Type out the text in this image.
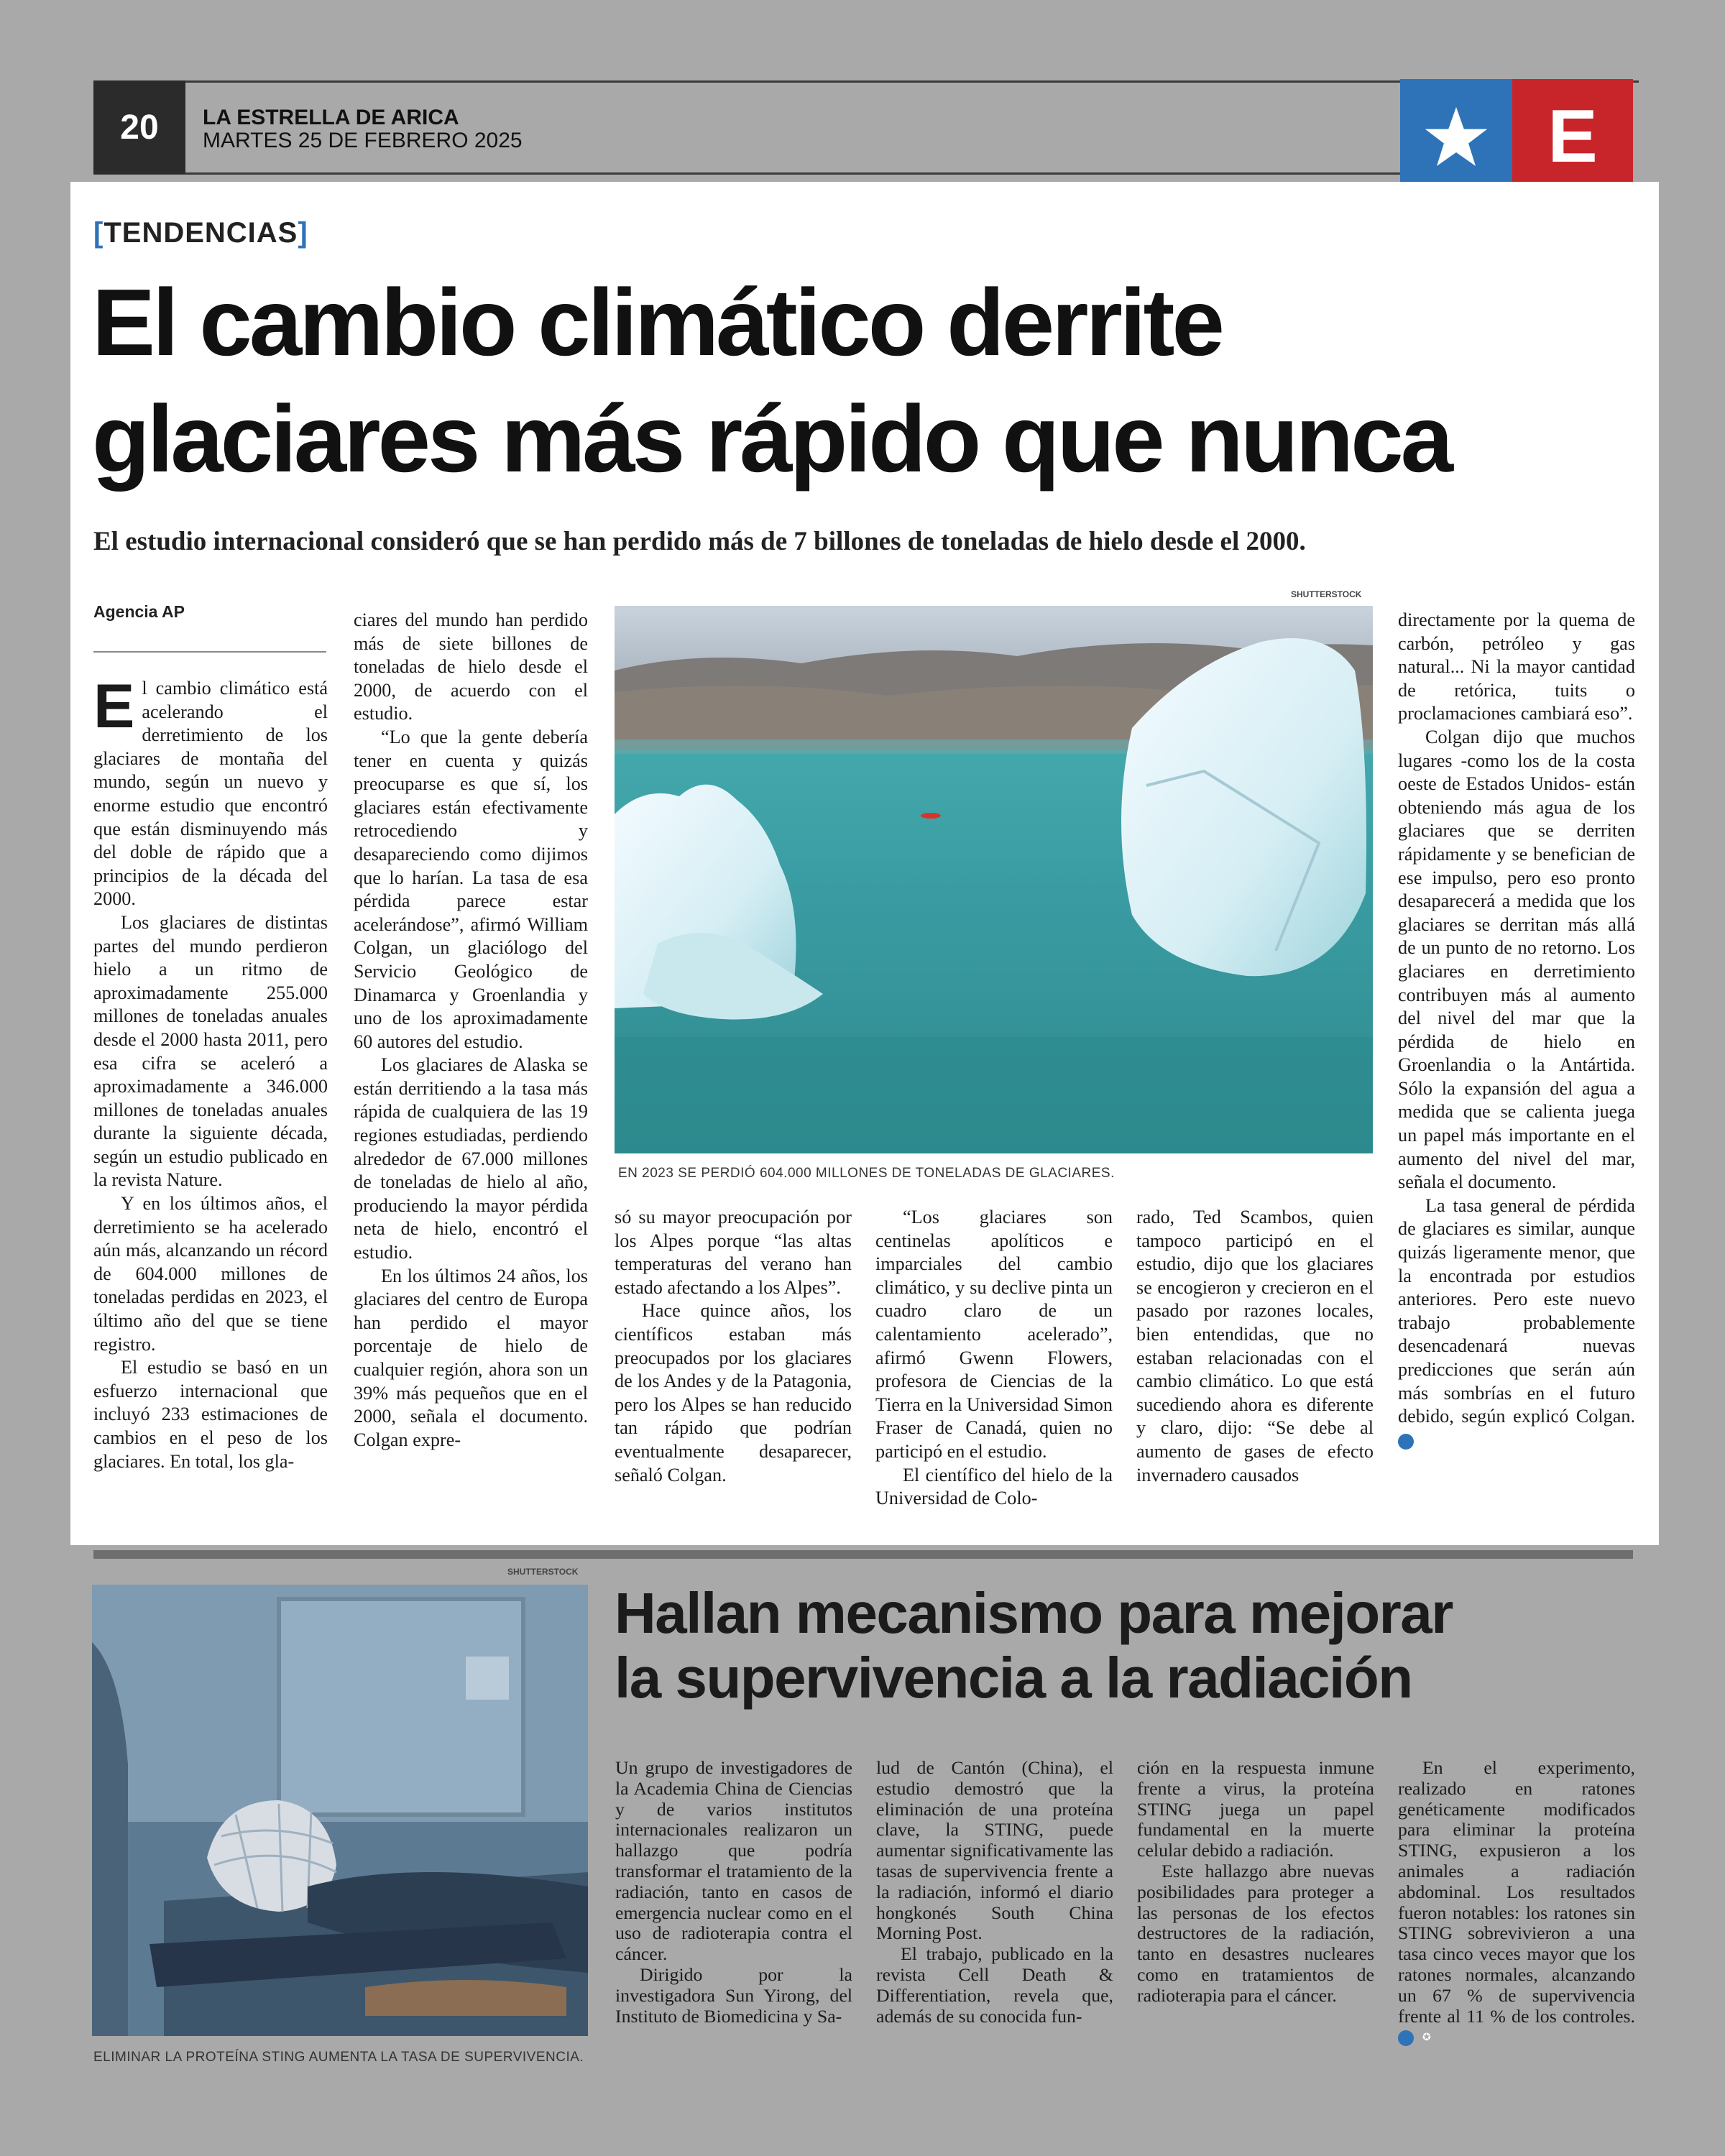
20	LA ESTRELLA DE ARICA
MARTES 25 DE FEBRERO 2025	E
[TENDENCIAS]
El cambio climático derrite
glaciares más rápido que nunca
El estudio internacional consideró que se han perdido más de 7 billones de toneladas de hielo desde el 2000.
Agencia AP

El cambio climático está acelerando el derretimiento de los glaciares de montaña del mundo, según un nuevo y enorme estudio que encontró que están disminuyendo más del doble de rápido que a principios de la década del 2000.

Los glaciares de distintas partes del mundo perdieron hielo a un ritmo de aproximadamente 255.000 millones de toneladas anuales desde el 2000 hasta 2011, pero esa cifra se aceleró a aproximadamente a 346.000 millones de toneladas anuales durante la siguiente década, según un estudio publicado en la revista Nature.

Y en los últimos años, el derretimiento se ha acelerado aún más, alcanzando un récord de 604.000 millones de toneladas perdidas en 2023, el último año del que se tiene registro.

El estudio se basó en un esfuerzo internacional que incluyó 233 estimaciones de cambios en el peso de los glaciares. En total, los gla-

ciares del mundo han perdido más de siete billones de toneladas de hielo desde el 2000, de acuerdo con el estudio.

“Lo que la gente debería tener en cuenta y quizás preocuparse es que sí, los glaciares están efectivamente retrocediendo y desapareciendo como dijimos que lo harían. La tasa de esa pérdida parece estar acelerándose”, afirmó William Colgan, un glaciólogo del Servicio Geológico de Dinamarca y Groenlandia y uno de los aproximadamente 60 autores del estudio.

Los glaciares de Alaska se están derritiendo a la tasa más rápida de cualquiera de las 19 regiones estudiadas, perdiendo alrededor de 67.000 millones de toneladas de hielo al año, produciendo la mayor pérdida neta de hielo, encontró el estudio.

En los últimos 24 años, los glaciares del centro de Europa han perdido el mayor porcentaje de hielo de cualquier región, ahora son un 39% más pequeños que en el 2000, señala el documento. Colgan expre-

SHUTTERSTOCK
EN 2023 SE PERDIÓ 604.000 MILLONES DE TONELADAS DE GLACIARES.

só su mayor preocupación por los Alpes porque “las altas temperaturas del verano han estado afectando a los Alpes”.

Hace quince años, los científicos estaban más preocupados por los glaciares de los Andes y de la Patagonia, pero los Alpes se han reducido tan rápido que podrían eventualmente desaparecer, señaló Colgan.

“Los glaciares son centinelas apolíticos e imparciales del cambio climático, y su declive pinta un cuadro claro de un calentamiento acelerado”, afirmó Gwenn Flowers, profesora de Ciencias de la Tierra en la Universidad Simon Fraser de Canadá, quien no participó en el estudio.

El científico del hielo de la Universidad de Colo-

rado, Ted Scambos, quien tampoco participó en el estudio, dijo que los glaciares se encogieron y crecieron en el pasado por razones locales, bien entendidas, que no estaban relacionadas con el cambio climático. Lo que está sucediendo ahora es diferente y claro, dijo: “Se debe al aumento de gases de efecto invernadero causados

directamente por la quema de carbón, petróleo y gas natural... Ni la mayor cantidad de retórica, tuits o proclamaciones cambiará eso”.

Colgan dijo que muchos lugares -como los de la costa oeste de Estados Unidos- están obteniendo más agua de los glaciares que se derriten rápidamente y se benefician de ese impulso, pero eso pronto desaparecerá a medida que los glaciares se derritan más allá de un punto de no retorno. Los glaciares en derretimiento contribuyen más al aumento del nivel del mar que la pérdida de hielo en Groenlandia o la Antártida. Sólo la expansión del agua a medida que se calienta juega un papel más importante en el aumento del nivel del mar, señala el documento.

La tasa general de pérdida de glaciares es similar, aunque quizás ligeramente menor, que la encontrada por estudios anteriores. Pero este nuevo trabajo probablemente desencadenará nuevas predicciones que serán aún más sombrías en el futuro debido, según explicó Colgan. ✪

SHUTTERSTOCK
ELIMINAR LA PROTEÍNA STING AUMENTA LA TASA DE SUPERVIVENCIA.
Hallan mecanismo para mejorar
la supervivencia a la radiación

Un grupo de investigadores de la Academia China de Ciencias y de varios institutos internacionales realizaron un hallazgo que podría transformar el tratamiento de la radiación, tanto en casos de emergencia nuclear como en el uso de radioterapia contra el cáncer.

Dirigido por la investigadora Sun Yirong, del Instituto de Biomedicina y Sa-

lud de Cantón (China), el estudio demostró que la eliminación de una proteína clave, la STING, puede aumentar significativamente las tasas de supervivencia frente a la radiación, informó el diario hongkonés South China Morning Post.

El trabajo, publicado en la revista Cell Death & Differentiation, revela que, además de su conocida fun-

ción en la respuesta inmune frente a virus, la proteína STING juega un papel fundamental en la muerte celular debido a radiación.

Este hallazgo abre nuevas posibilidades para proteger a las personas de los efectos destructores de la radiación, tanto en desastres nucleares como en tratamientos de radioterapia para el cáncer.

En el experimento, realizado en ratones genéticamente modificados para eliminar la proteína STING, expusieron a los animales a radiación abdominal. Los resultados fueron notables: los ratones sin STING sobrevivieron a una tasa cinco veces mayor que los ratones normales, alcanzando un 67 % de supervivencia frente al 11 % de los controles. ✪
